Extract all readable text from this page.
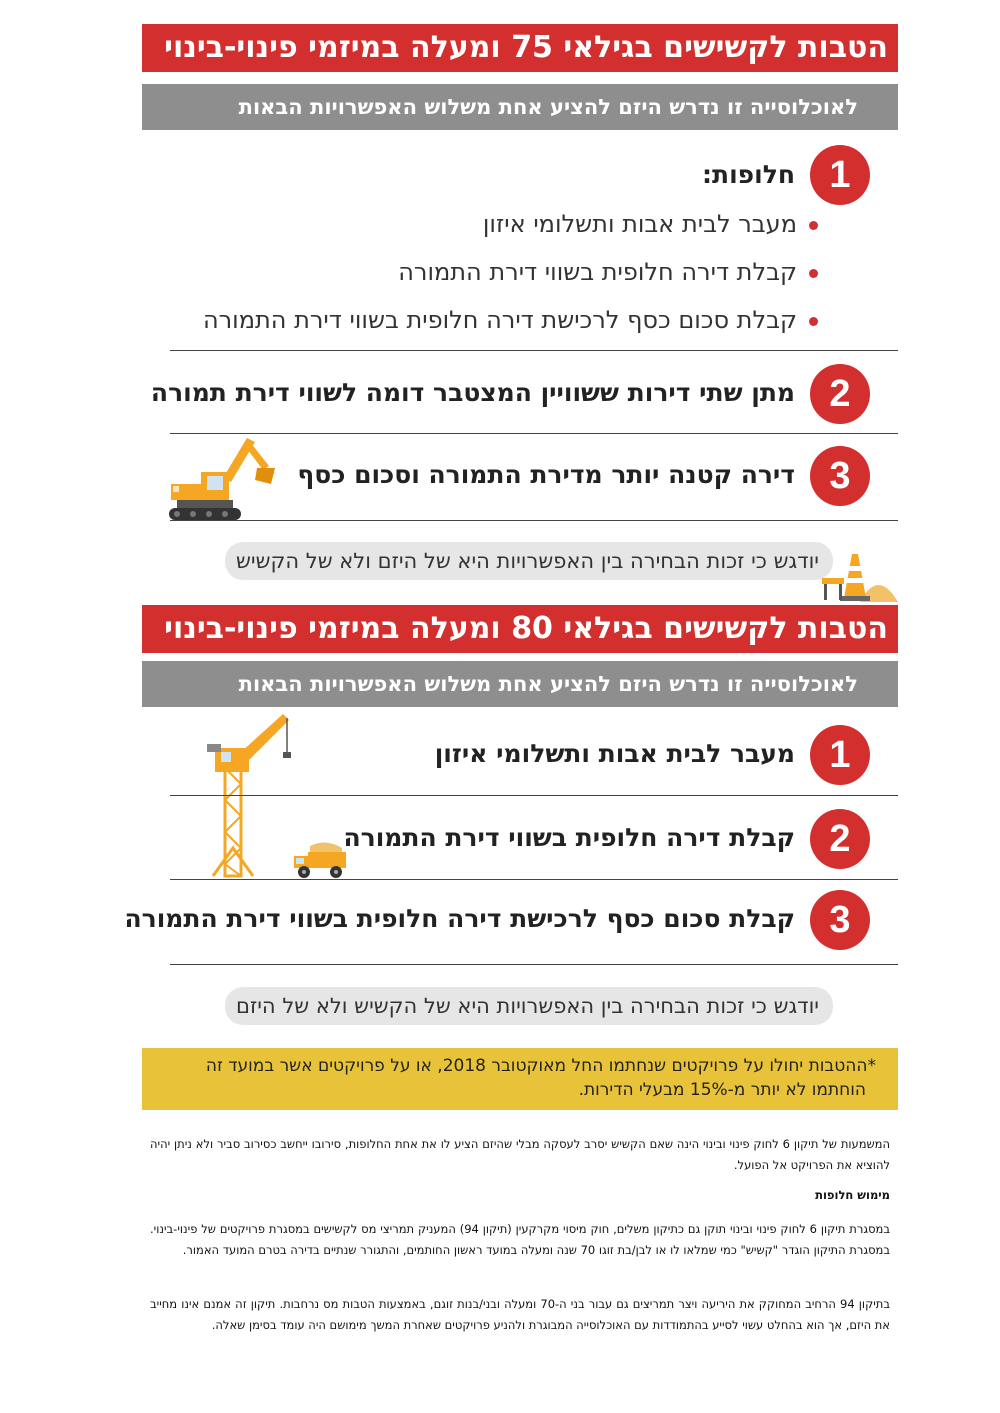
הטבות לקשישים בגילאי 75 ומעלה במיזמי פינוי-בינוי
לאוכלוסייה זו נדרש היזם להציע אחת משלוש האפשרויות הבאות
1
חלופות:
מעבר לבית אבות ותשלומי איזון
קבלת דירה חלופית בשווי דירת התמורה
קבלת סכום כסף לרכישת דירה חלופית בשווי דירת התמורה
2
מתן שתי דירות ששוויין המצטבר דומה לשווי דירת תמורה
3
דירה קטנה יותר מדירת התמורה וסכום כסף
יודגש כי זכות הבחירה בין האפשרויות היא של היזם ולא של הקשיש
הטבות לקשישים בגילאי 80 ומעלה במיזמי פינוי-בינוי
לאוכלוסייה זו נדרש היזם להציע אחת משלוש האפשרויות הבאות
1
מעבר לבית אבות ותשלומי איזון
2
קבלת דירה חלופית בשווי דירת התמורה
3
קבלת סכום כסף לרכישת דירה חלופית בשווי דירת התמורה
יודגש כי זכות הבחירה בין האפשרויות היא של הקשיש ולא של היזם
*ההטבות יחולו על פרויקטים שנחתמו החל מאוקטובר 2018, או על פרויקטים אשר במועד זה
הוחתמו לא יותר מ-15% מבעלי הדירות.
המשמעות של תיקון 6 לחוק פינוי ובינוי הינה שאם הקשיש יסרב לעסקה מבלי שהיזם הציע לו את אחת החלופות, סירובו ייחשב כסירוב סביר ולא ניתן יהיה להוציא את הפרויקט אל הפועל.
מימוש חלופות
במסגרת תיקון 6 לחוק פינוי ובינוי תוקן גם כתיקון משלים, חוק מיסוי מקרקעין (תיקון 94) המעניק תמריצי מס לקשישים במסגרת פרויקטים של פינוי-בינוי. במסגרת התיקון הוגדר "קשיש" כמי שמלאו לו או לבן/בת זוגו 70 שנה ומעלה במועד ראשון החותמים, והתגורר שנתיים בדירה בטרם המועד האמור.
בתיקון 94 הרחיב המחוקק את היריעה ויצר תמריצים גם עבור בני ה-70 ומעלה ובני/בנות זוגם, באמצעות הטבות מס נרחבות. תיקון זה אמנם אינו מחייב את היזם, אך הוא בהחלט עשוי לסייע בהתמודדות עם האוכלוסייה המבוגרת ולהניע פרויקטים שאחרת המשך מימושם היה עומד בסימן שאלה.
